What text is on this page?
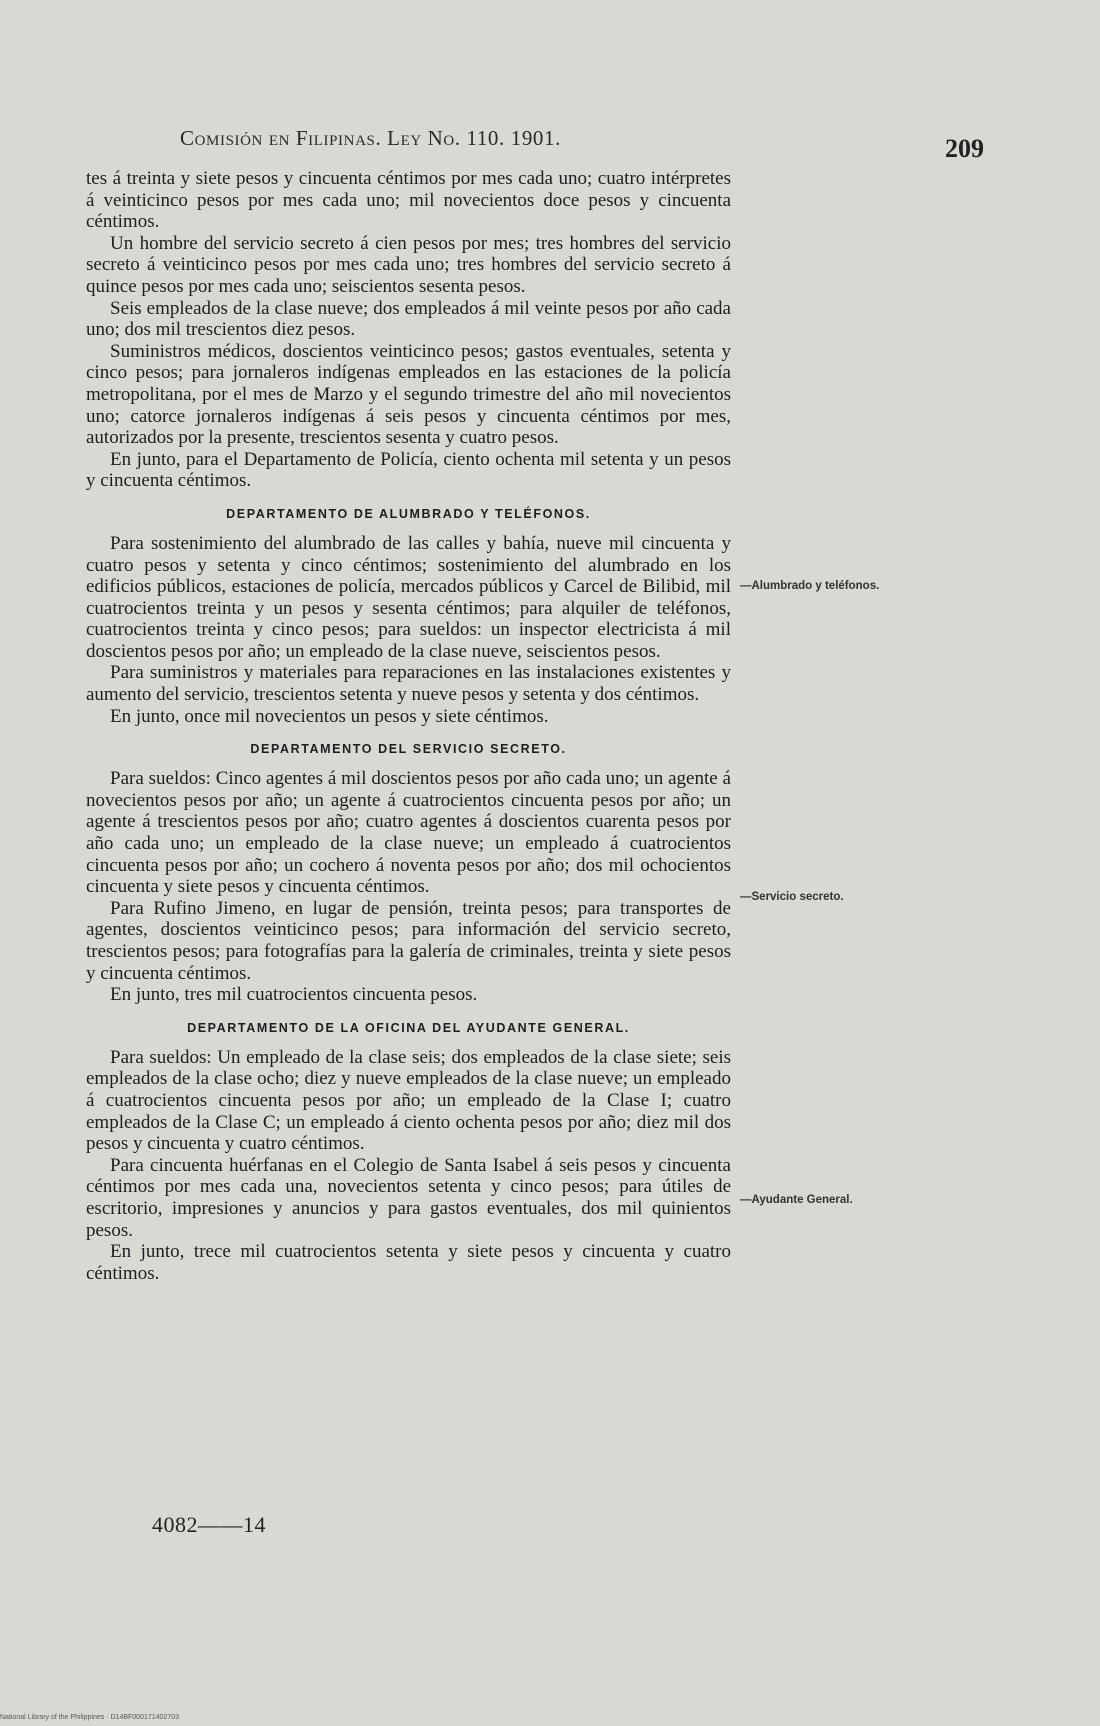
Comisión en Filipinas. Ley No. 110. 1901.	209

tes á treinta y siete pesos y cincuenta céntimos por mes cada uno; cuatro intérpretes á veinticinco pesos por mes cada uno; mil novecientos doce pesos y cincuenta céntimos.

Un hombre del servicio secreto á cien pesos por mes; tres hombres del servicio secreto á veinticinco pesos por mes cada uno; tres hombres del servicio secreto á quince pesos por mes cada uno; seiscientos sesenta pesos.

Seis empleados de la clase nueve; dos empleados á mil veinte pesos por año cada uno; dos mil trescientos diez pesos.

Suministros médicos, doscientos veinticinco pesos; gastos eventuales, setenta y cinco pesos; para jornaleros indígenas empleados en las estaciones de la policía metropolitana, por el mes de Marzo y el segundo trimestre del año mil novecientos uno; catorce jornaleros indígenas á seis pesos y cincuenta céntimos por mes, autorizados por la presente, trescientos sesenta y cuatro pesos.

En junto, para el Departamento de Policía, ciento ochenta mil setenta y un pesos y cincuenta céntimos.

DEPARTAMENTO DE ALUMBRADO Y TELÉFONOS.

Para sostenimiento del alumbrado de las calles y bahía, nueve mil cincuenta y cuatro pesos y setenta y cinco céntimos; sostenimiento del alumbrado en los edificios públicos, estaciones de policía, mercados públicos y Carcel de Bilibid, mil cuatrocientos treinta y un pesos y sesenta céntimos; para alquiler de teléfonos, cuatrocientos treinta y cinco pesos; para sueldos: un inspector electricista á mil doscientos pesos por año; un empleado de la clase nueve, seiscientos pesos.

Para suministros y materiales para reparaciones en las instalaciones existentes y aumento del servicio, trescientos setenta y nueve pesos y setenta y dos céntimos.

En junto, once mil novecientos un pesos y siete céntimos.

DEPARTAMENTO DEL SERVICIO SECRETO.

Para sueldos: Cinco agentes á mil doscientos pesos por año cada uno; un agente á novecientos pesos por año; un agente á cuatrocientos cincuenta pesos por año; un agente á trescientos pesos por año; cuatro agentes á doscientos cuarenta pesos por año cada uno; un empleado de la clase nueve; un empleado á cuatrocientos cincuenta pesos por año; un cochero á noventa pesos por año; dos mil ochocientos cincuenta y siete pesos y cincuenta céntimos.

Para Rufino Jimeno, en lugar de pensión, treinta pesos; para transportes de agentes, doscientos veinticinco pesos; para información del servicio secreto, trescientos pesos; para fotografías para la galería de criminales, treinta y siete pesos y cincuenta céntimos.

En junto, tres mil cuatrocientos cincuenta pesos.

DEPARTAMENTO DE LA OFICINA DEL AYUDANTE GENERAL.

Para sueldos: Un empleado de la clase seis; dos empleados de la clase siete; seis empleados de la clase ocho; diez y nueve empleados de la clase nueve; un empleado á cuatrocientos cincuenta pesos por año; un empleado de la Clase I; cuatro empleados de la Clase C; un empleado á ciento ochenta pesos por año; diez mil dos pesos y cincuenta y cuatro céntimos.

Para cincuenta huérfanas en el Colegio de Santa Isabel á seis pesos y cincuenta céntimos por mes cada una, novecientos setenta y cinco pesos; para útiles de escritorio, impresiones y anuncios y para gastos eventuales, dos mil quinientos pesos.

En junto, trece mil cuatrocientos setenta y siete pesos y cincuenta y cuatro céntimos.

—Alumbrado y teléfonos.
—Servicio secreto.
—Ayudante General.
4082——14
National Library of the Philippines · D14BF000171402703
